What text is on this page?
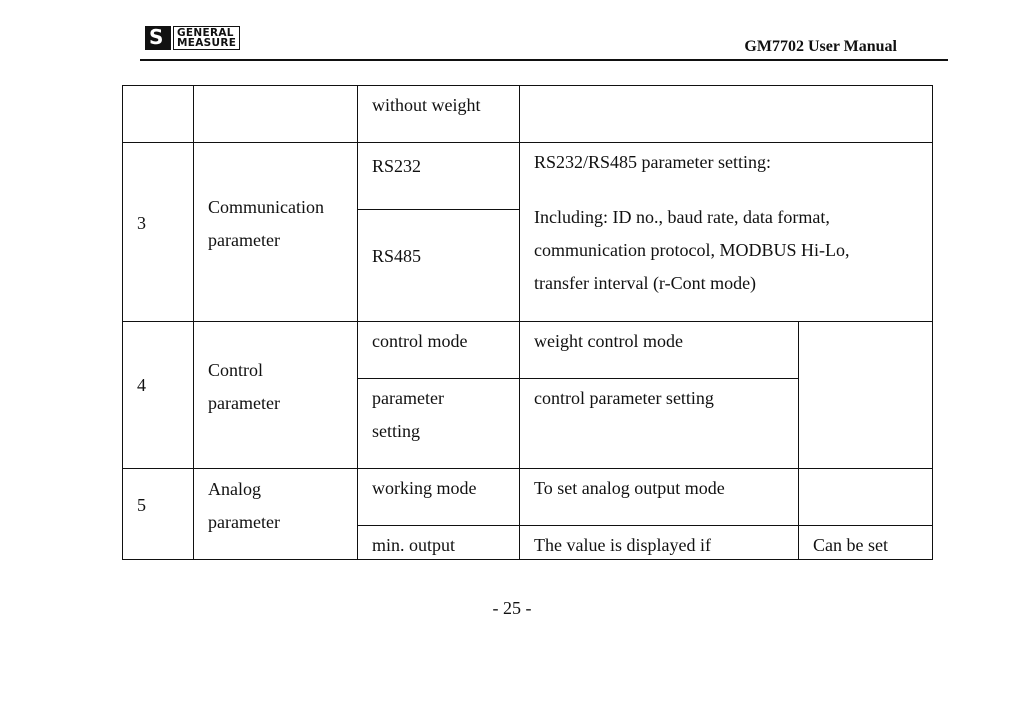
S GENERAL
MEASURE	GM7702 User Manual
without weight
3
Communication
parameter
RS232
RS485
RS232/RS485 parameter setting:
Including: ID no., baud rate, data format,
communication protocol, MODBUS Hi-Lo,
transfer interval (r-Cont mode)
4
Control
parameter
control mode
parameter
setting
weight control mode
control parameter setting
5
Analog
parameter
working mode
min. output
To set analog output mode
The value is displayed if	Can be set
- 25 -
